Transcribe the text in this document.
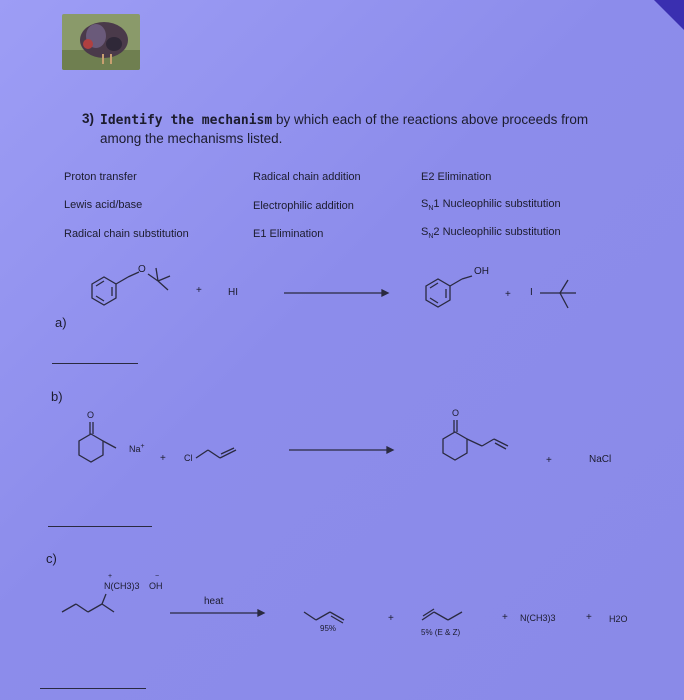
3) Identify the mechanism by which each of the reactions above proceeds from
among the mechanisms listed.
Proton transfer
Lewis acid/base
Radical chain substitution
Radical chain addition
Electrophilic addition
E1 Elimination
E2 Elimination
$S_N1$ Nucleophilic substitution
$S_N2$ Nucleophilic substitution
a)
O
+	HI
OH
+ I
b)
O
Na+
+ Cl
O
+	NaCl
c)
+
N(CH3)3
−
OH
heat
95%
+
5% (E & Z)
+ N(CH3)3	+ H2O
